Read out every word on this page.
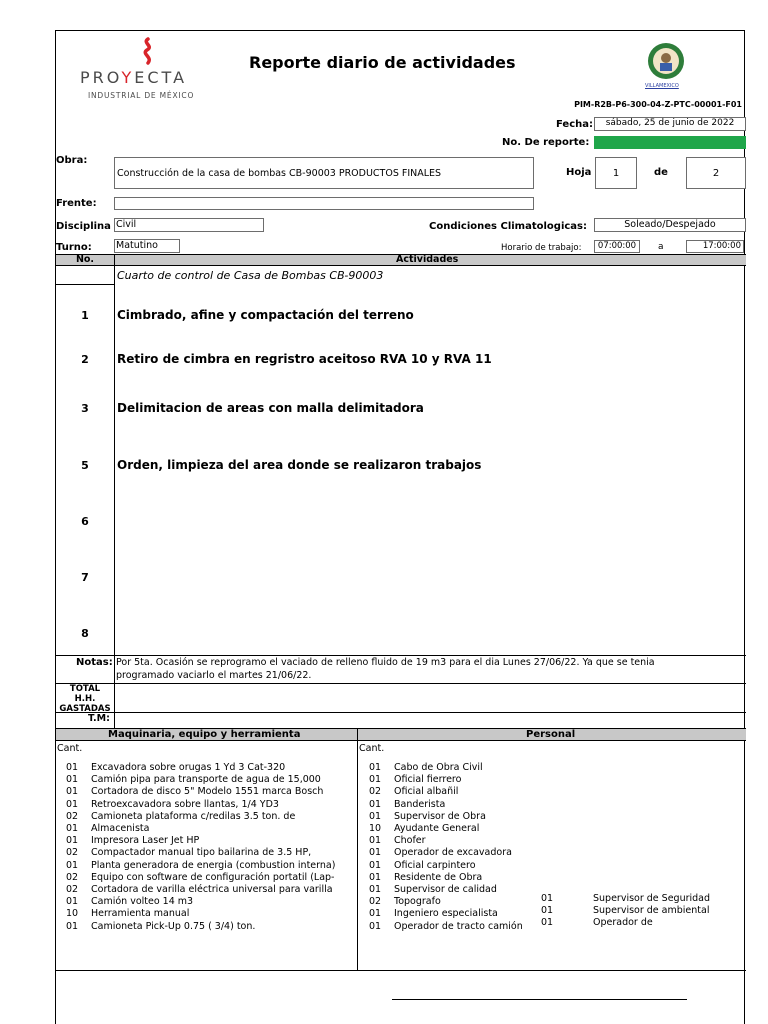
PROYECTA
INDUSTRIAL DE MÉXICO
Reporte diario de actividades
VILLAMEXICO
PIM-R2B-P6-300-04-Z-PTC-00001-F01
Fecha:	sábado, 25 de junio de 2022
No. De reporte:
Obra:
Construcción de la casa de bombas CB-90003 PRODUCTOS FINALES	Hoja	1	de	2
Frente:
Disciplina Civil	Condiciones Climatologicas:	Soleado/Despejado
Turno:	Matutino	Horario de trabajo:	07:00:00	a	17:00:00
No.	Actividades
Cuarto de control de Casa de Bombas CB-90003
1	Cimbrado, afine y compactación del terreno
2	Retiro de cimbra en regristro aceitoso RVA 10 y RVA 11
3	Delimitacion de areas con malla delimitadora
5	Orden, limpieza del area donde se realizaron trabajos
6
7
8
Notas: Por 5ta. Ocasión se reprogramo el vaciado de relleno fluido de 19 m3 para el dia Lunes 27/06/22. Ya que se tenia
programado vaciarlo el martes 21/06/22.
TOTAL
H.H.
GASTADAS
T.M:
Maquinaria, equipo y herramienta	Personal
Cant.	Cant.
01 Excavadora sobre orugas 1 Yd 3 Cat-320
01 Camión pipa para transporte de agua de 15,000
01 Cortadora de disco 5" Modelo 1551 marca Bosch
01 Retroexcavadora sobre llantas, 1/4 YD3
02 Camioneta plataforma c/redilas 3.5 ton. de
01 Almacenista
01 Impresora Laser Jet HP
02 Compactador manual tipo bailarina de 3.5 HP,
01 Planta generadora de energia (combustion interna)
02 Equipo con software de configuración portatil (Lap-
02 Cortadora de varilla eléctrica universal para varilla
01 Camión volteo 14 m3
10 Herramienta manual
01 Camioneta Pick-Up 0.75 ( 3/4) ton.
01 Cabo de Obra Civil
01 Oficial fierrero
02 Oficial albañil
01 Banderista
01 Supervisor de Obra
10 Ayudante General
01 Chofer
01 Operador de excavadora
01 Oficial carpintero
01 Residente de Obra
01 Supervisor de calidad
02 Topografo
01 Ingeniero especialista
01 Operador de tracto camión
01	Supervisor de Seguridad
01	Supervisor de ambiental
01	Operador de
